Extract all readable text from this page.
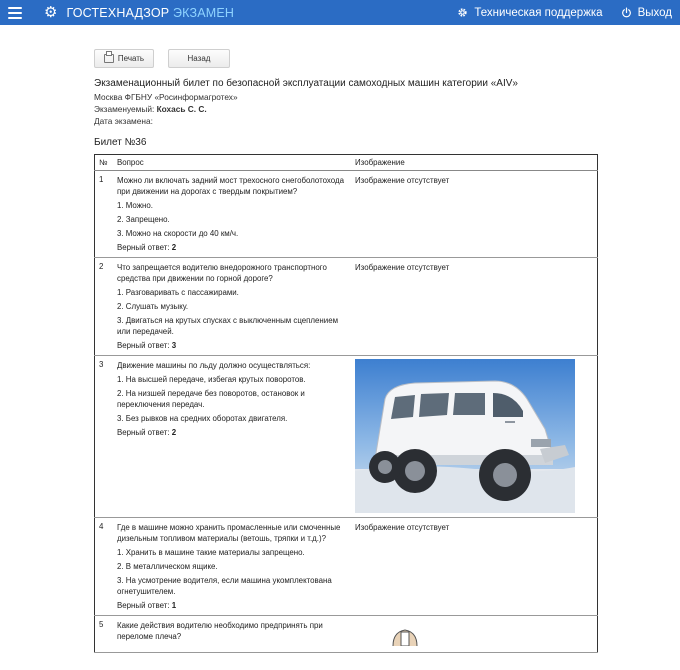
⚙ ГОСТЕХНАДЗОР ЭКЗАМЕН	Техническая поддержка	Выход
Печать	Назад
Экзаменационный билет по безопасной эксплуатации самоходных машин категории «AIV»
Москва ФГБНУ «Росинформагротех»
Экзаменуемый: Кохась С. С.
Дата экзамена:
Билет №36
№	Вопрос	Изображение
1	Можно ли включать задний мост трехосного снегоболотохода при движении на дорогах с твердым покрытием?
1. Можно.
2. Запрещено.
3. Можно на скорости до 40 км/ч.
Верный ответ: 2	Изображение отсутствует
2	Что запрещается водителю внедорожного транспортного средства при движении по горной дороге?
1. Разговаривать с пассажирами.
2. Слушать музыку.
3. Двигаться на крутых спусках с выключенным сцеплением или передачей.
Верный ответ: 3	Изображение отсутствует
3	Движение машины по льду должно осуществляться:
1. На высшей передаче, избегая крутых поворотов.
2. На низшей передаче без поворотов, остановок и переключения передач.
3. Без рывков на средних оборотах двигателя.
Верный ответ: 2

4	Где в машине можно хранить промасленные или смоченные дизельным топливом материалы (ветошь, тряпки и т.д.)?
1. Хранить в машине такие материалы запрещено.
2. В металлическом ящике.
3. На усмотрение водителя, если машина укомплектована огнетушителем.
Верный ответ: 1	Изображение отсутствует
5	Какие действия водителю необходимо предпринять при переломе плеча?
